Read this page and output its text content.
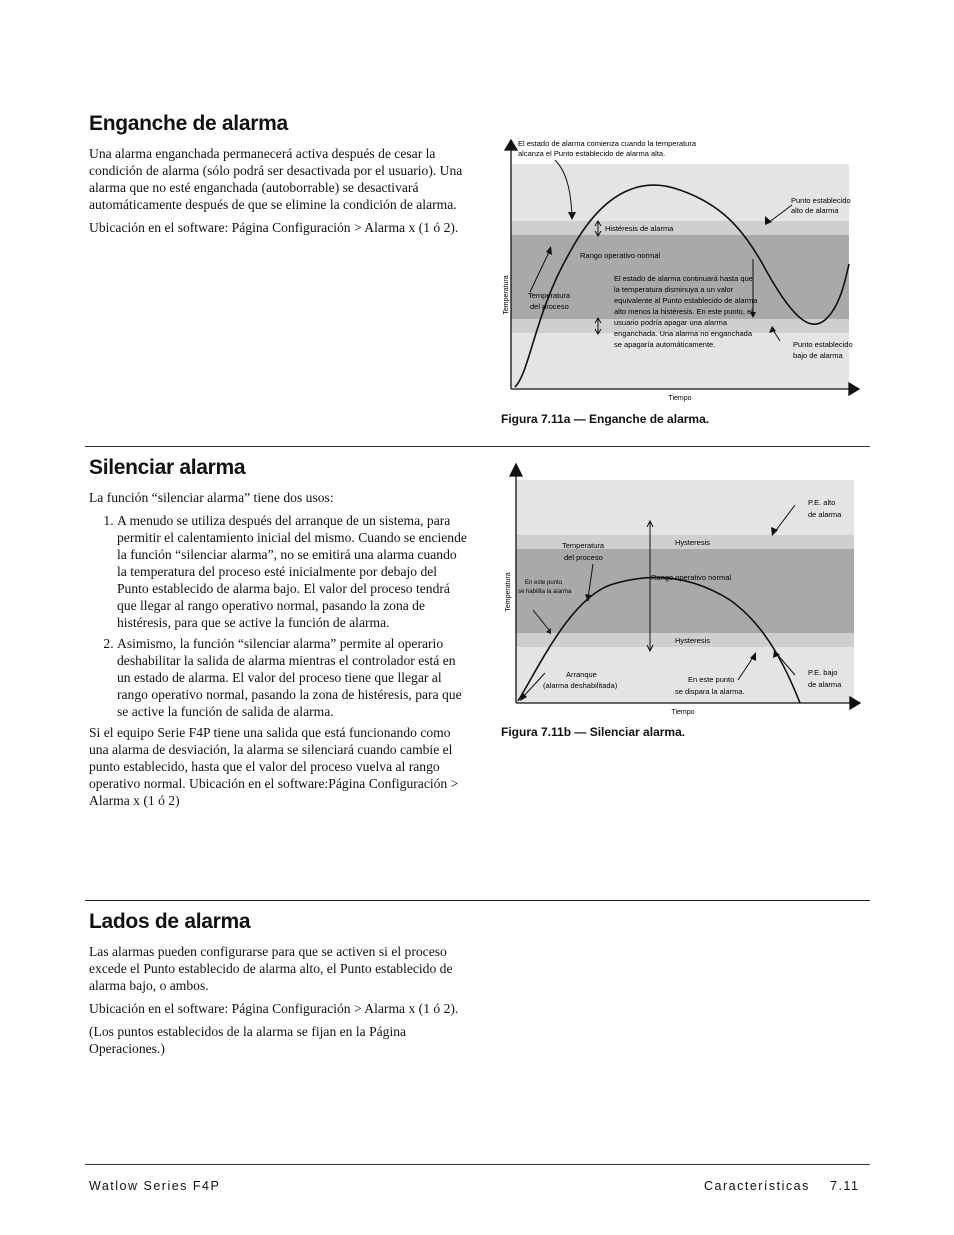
Enganche de alarma

Una alarma enganchada permanecerá activa después de cesar la condición de alarma (sólo podrá ser desactivada por el usuario). Una alarma que no esté enganchada (autoborrable) se desactivará automáticamente después de que se elimine la condición de alarma.

Ubicación en el software: Página Configuración > Alarma x (1 ó 2).

El estado de alarma comienza cuando la temperatura alcanza el Punto establecido de alarma alta.
Punto establecido alto de alarma
Histéresis de alarma
Rango operativo normal
Temperatura del proceso
El estado de alarma continuará hasta que la temperatura disminuya a un valor equivalente al Punto establecido de alarma alto menos la histéresis. En este punto, el usuario podría apagar una alarma enganchada. Una alarma no enganchada se apagaría automáticamente.	Punto establecido bajo de alarma
Temperatura
Tiempo
Figura 7.11a — Enganche de alarma.
Silenciar alarma

La función “silenciar alarma” tiene dos usos:

1. A menudo se utiliza después del arranque de un sistema, para permitir el calentamiento inicial del mismo. Cuando se enciende la función “silenciar alarma”, no se emitirá una alarma cuando la temperatura del proceso esté inicialmente por debajo del Punto establecido de alarma bajo. El valor del proceso tendrá que llegar al rango operativo normal, pasando la zona de histéresis, para que se active la función de alarma.
2. Asimismo, la función “silenciar alarma” permite al operario deshabilitar la salida de alarma mientras el controlador está en un estado de alarma. El valor del proceso tiene que llegar al rango operativo normal, pasando la zona de histéresis, para que se active la función de salida de alarma.

Si el equipo Serie F4P tiene una salida que está funcionando como una alarma de desviación, la alarma se silenciará cuando cambie el punto establecido, hasta que el valor del proceso vuelva al rango operativo normal. Ubicación en el software:Página Configuración > Alarma x (1 ó 2)

P.E. alto de alarma
Temperatura del proceso
Hysteresis
En este punto se habilita la alarma
Rango operativo normal
Hysteresis
Arranque (alarma deshabilitada)
En este punto se dispara la alarma.
P.E. bajo de alarma
Temperatura
Tiempo
Figura 7.11b — Silenciar alarma.
Lados de alarma

Las alarmas pueden configurarse para que se activen si el proceso excede el Punto establecido de alarma alto, el Punto establecido de alarma bajo, o ambos.

Ubicación en el software: Página Configuración > Alarma x (1 ó 2).

(Los puntos establecidos de la alarma se fijan en la Página Operaciones.)

Watlow Series F4P	Características 7.11
